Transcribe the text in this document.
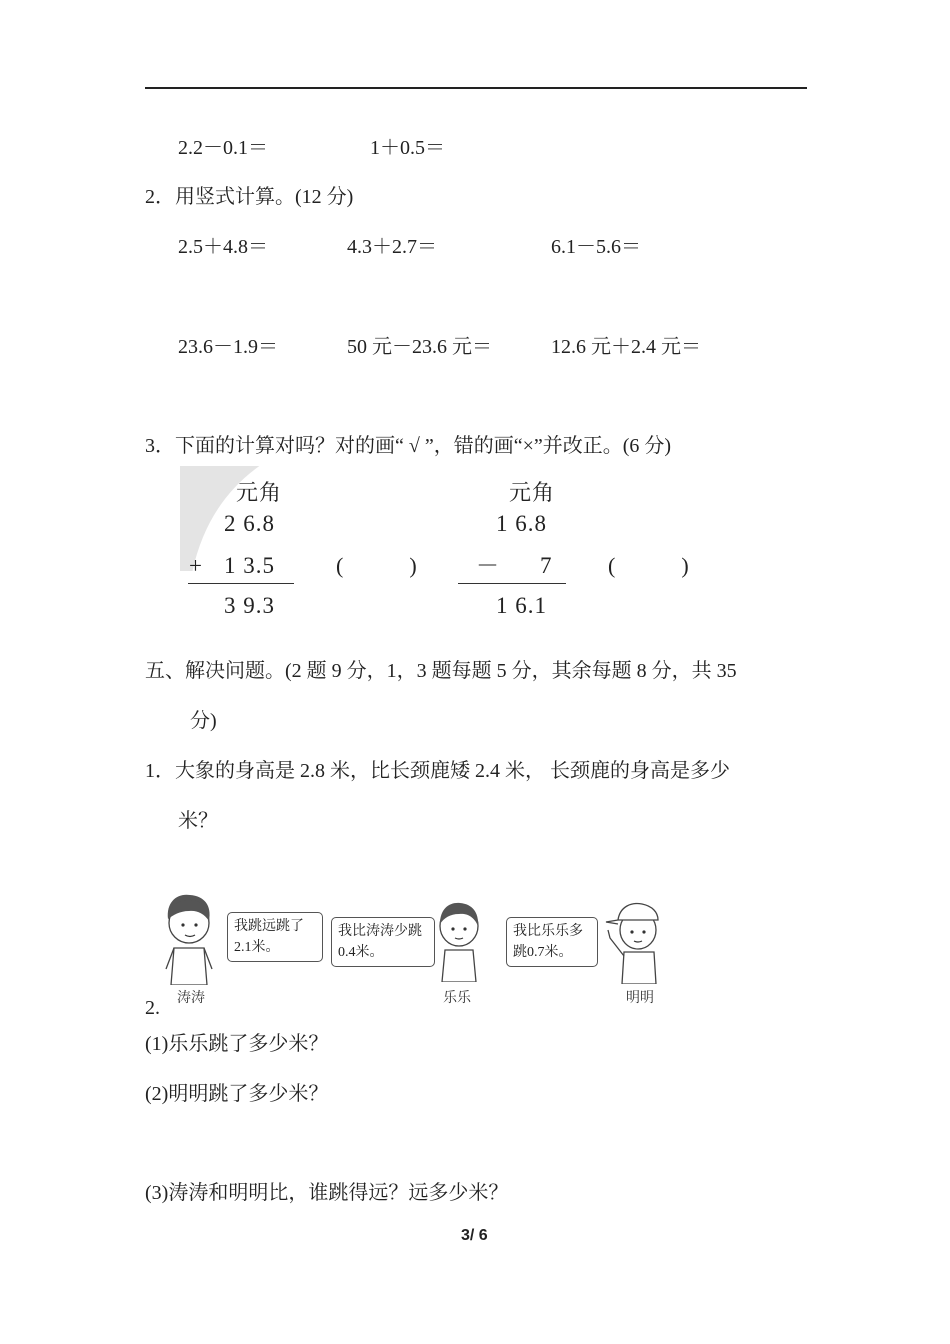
2.2－0.1＝	1＋0.5＝
2．用竖式计算。(12 分)
2.5＋4.8＝	4.3＋2.7＝	6.1－5.6＝
23.6－1.9＝	50 元－23.6 元＝	12.6 元＋2.4 元＝
3．下面的计算对吗？对的画“ √ ”，错的画“×”并改正。(6 分)
元角
2 6.8
+ 1 3.5
3 9.3
(　　　)
元角
1 6.8
－ 7
1 6.1
(　　　)
五、解决问题。(2 题 9 分，1，3 题每题 5 分，其余每题 8 分，共 35
分)
1．大象的身高是 2.8 米，比长颈鹿矮 2.4 米， 长颈鹿的身高是多少
米？
涛涛
我跳远跳了2.1米。
我比涛涛少跳0.4米。
乐乐
我比乐乐多跳0.7米。
明明
2.
(1)乐乐跳了多少米？
(2)明明跳了多少米？
(3)涛涛和明明比，谁跳得远？远多少米？
3/ 6
